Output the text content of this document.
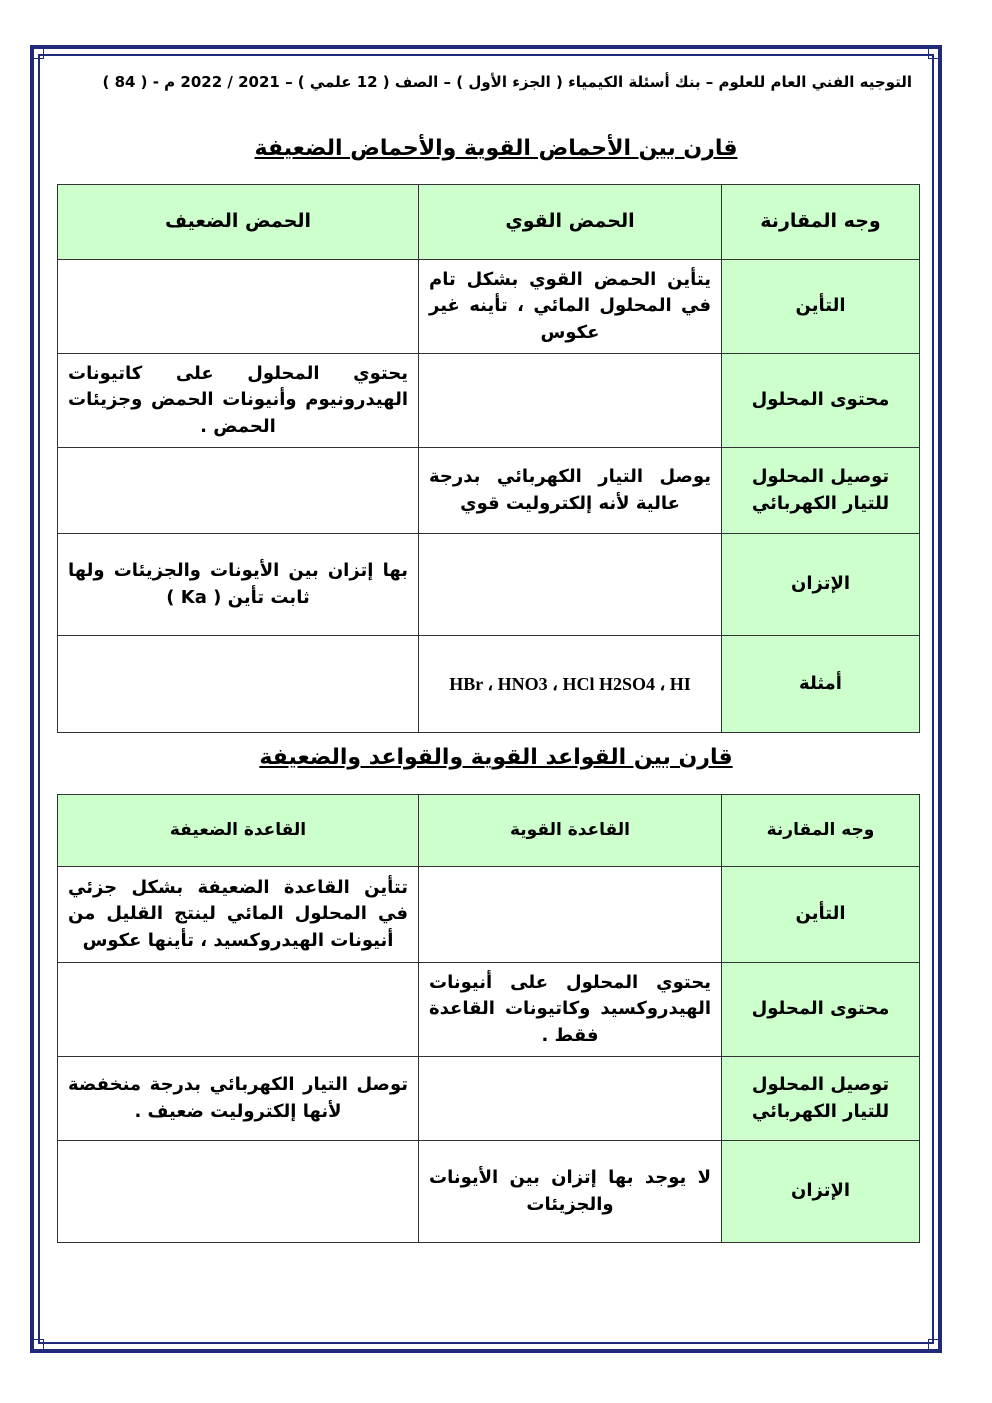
التوجيه الفني العام للعلوم – بنك أسئلة الكيمياء ( الجزء الأول ) – الصف ( 12 علمي ) – 2021 / 2022 م - ( 84 )
قارن بين الأحماض القوية والأحماض الضعيفة
وجه المقارنة	الحمض القوي	الحمض الضعيف
التأين	يتأين الحمض القوي بشكل تام في المحلول المائي ، تأينه غير عكوس	
محتوى المحلول		يحتوي المحلول على كاتيونات الهيدرونيوم وأنيونات الحمض وجزيئات الحمض .
توصيل المحلول للتيار الكهربائي	يوصل التيار الكهربائي بدرجة عالية لأنه إلكتروليت قوي	
الإتزان		بها إتزان بين الأيونات والجزيئات ولها ثابت تأين ( Ka )
أمثلة	HBr ، HNO3 ، HCl H2SO4 ، HI	
قارن بين القواعد القوية والقواعد والضعيفة
وجه المقارنة	القاعدة القوية	القاعدة الضعيفة
التأين		تتأين القاعدة الضعيفة بشكل جزئي في المحلول المائي لينتج القليل من أنيونات الهيدروكسيد ، تأينها عكوس
محتوى المحلول	يحتوي المحلول على أنيونات الهيدروكسيد وكاتيونات القاعدة فقط .	
توصيل المحلول للتيار الكهربائي		توصل التيار الكهربائي بدرجة منخفضة لأنها إلكتروليت ضعيف .
الإتزان	لا يوجد بها إتزان بين الأيونات والجزيئات	
